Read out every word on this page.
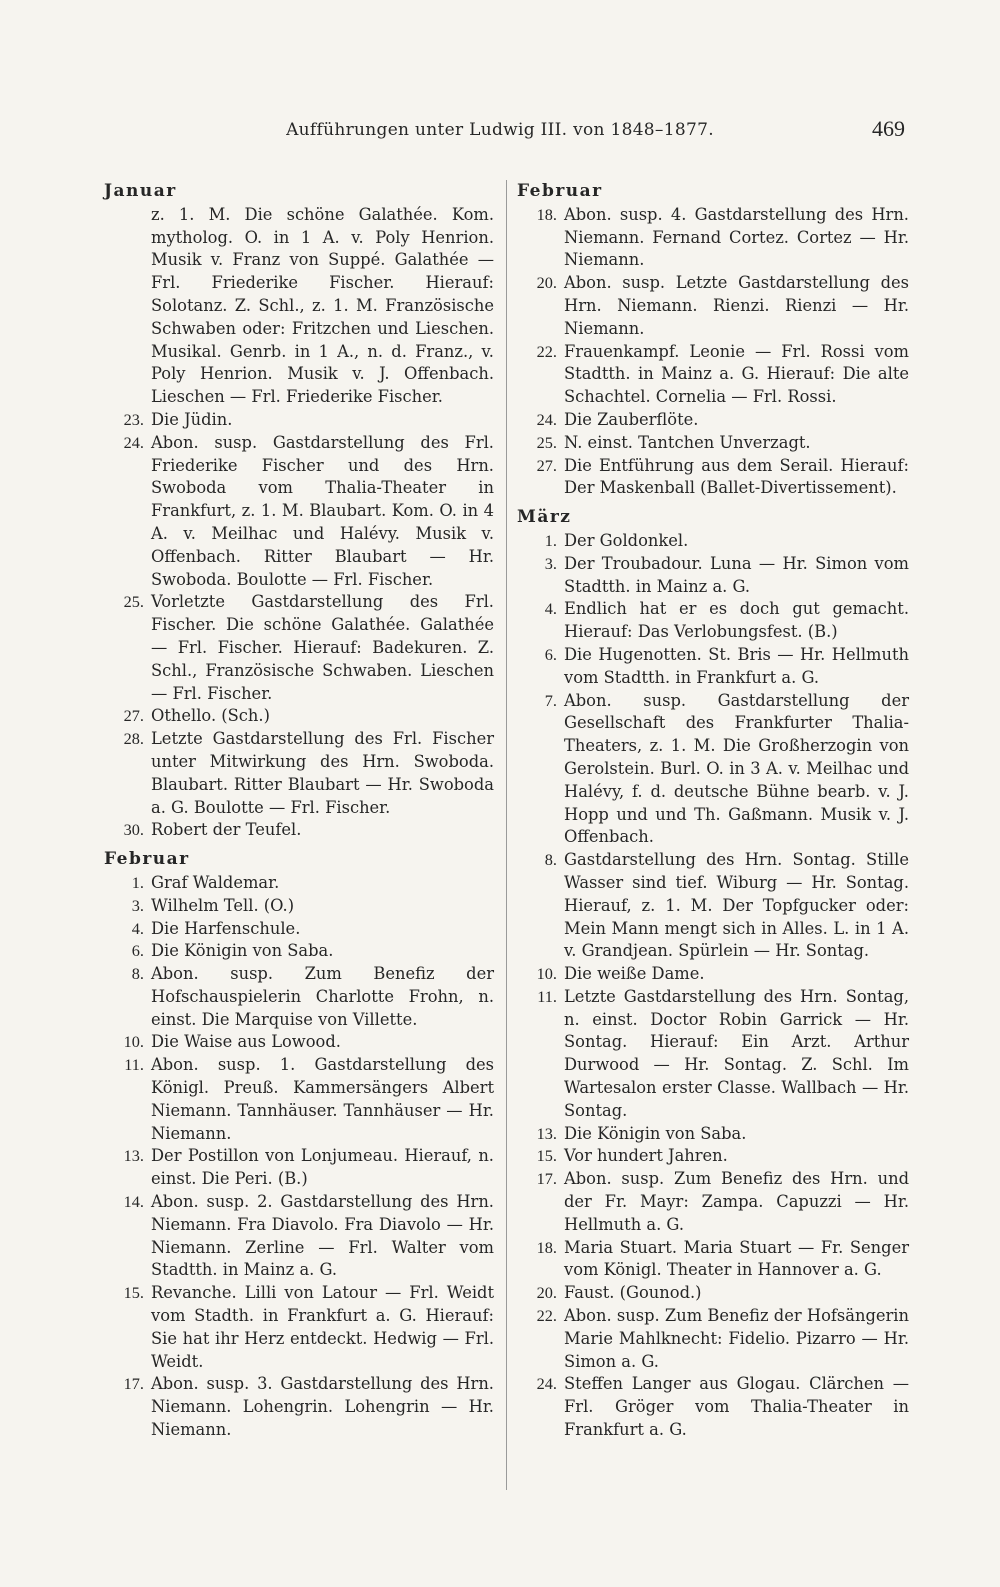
Aufführungen unter Ludwig III. von 1848–1877.	469
Januar
z. 1. M. Die schöne Galathée. Kom. mytholog. O. in 1 A. v. Poly Henrion. Musik v. Franz von Suppé. Galathée — Frl. Friederike Fischer. Hierauf: Solotanz. Z. Schl., z. 1. M. Französische Schwaben oder: Fritzchen und Lieschen. Musikal. Genrb. in 1 A., n. d. Franz., v. Poly Henrion. Musik v. J. Offenbach. Lieschen — Frl. Friederike Fischer.
23. Die Jüdin.
24. Abon. susp. Gastdarstellung des Frl. Friederike Fischer und des Hrn. Swoboda vom Thalia-Theater in Frankfurt, z. 1. M. Blaubart. Kom. O. in 4 A. v. Meilhac und Halévy. Musik v. Offenbach. Ritter Blaubart — Hr. Swoboda. Boulotte — Frl. Fischer.
25. Vorletzte Gastdarstellung des Frl. Fischer. Die schöne Galathée. Galathée — Frl. Fischer. Hierauf: Badekuren. Z. Schl., Französische Schwaben. Lieschen — Frl. Fischer.
27. Othello. (Sch.)
28. Letzte Gastdarstellung des Frl. Fischer unter Mitwirkung des Hrn. Swoboda. Blaubart. Ritter Blaubart — Hr. Swoboda a. G. Boulotte — Frl. Fischer.
30. Robert der Teufel.
Februar
1. Graf Waldemar.
3. Wilhelm Tell. (O.)
4. Die Harfenschule.
6. Die Königin von Saba.
8. Abon. susp. Zum Benefiz der Hofschauspielerin Charlotte Frohn, n. einst. Die Marquise von Villette.
10. Die Waise aus Lowood.
11. Abon. susp. 1. Gastdarstellung des Königl. Preuß. Kammersängers Albert Niemann. Tannhäuser. Tannhäuser — Hr. Niemann.
13. Der Postillon von Lonjumeau. Hierauf, n. einst. Die Peri. (B.)
14. Abon. susp. 2. Gastdarstellung des Hrn. Niemann. Fra Diavolo. Fra Diavolo — Hr. Niemann. Zerline — Frl. Walter vom Stadtth. in Mainz a. G.
15. Revanche. Lilli von Latour — Frl. Weidt vom Stadth. in Frankfurt a. G. Hierauf: Sie hat ihr Herz entdeckt. Hedwig — Frl. Weidt.
17. Abon. susp. 3. Gastdarstellung des Hrn. Niemann. Lohengrin. Lohengrin — Hr. Niemann.
Februar
18. Abon. susp. 4. Gastdarstellung des Hrn. Niemann. Fernand Cortez. Cortez — Hr. Niemann.
20. Abon. susp. Letzte Gastdarstellung des Hrn. Niemann. Rienzi. Rienzi — Hr. Niemann.
22. Frauenkampf. Leonie — Frl. Rossi vom Stadtth. in Mainz a. G. Hierauf: Die alte Schachtel. Cornelia — Frl. Rossi.
24. Die Zauberflöte.
25. N. einst. Tantchen Unverzagt.
27. Die Entführung aus dem Serail. Hierauf: Der Maskenball (Ballet-Divertissement).
März
1. Der Goldonkel.
3. Der Troubadour. Luna — Hr. Simon vom Stadtth. in Mainz a. G.
4. Endlich hat er es doch gut gemacht. Hierauf: Das Verlobungsfest. (B.)
6. Die Hugenotten. St. Bris — Hr. Hellmuth vom Stadtth. in Frankfurt a. G.
7. Abon. susp. Gastdarstellung der Gesellschaft des Frankfurter Thalia-Theaters, z. 1. M. Die Großherzogin von Gerolstein. Burl. O. in 3 A. v. Meilhac und Halévy, f. d. deutsche Bühne bearb. v. J. Hopp und und Th. Gaßmann. Musik v. J. Offenbach.
8. Gastdarstellung des Hrn. Sontag. Stille Wasser sind tief. Wiburg — Hr. Sontag. Hierauf, z. 1. M. Der Topfgucker oder: Mein Mann mengt sich in Alles. L. in 1 A. v. Grandjean. Spürlein — Hr. Sontag.
10. Die weiße Dame.
11. Letzte Gastdarstellung des Hrn. Sontag, n. einst. Doctor Robin Garrick — Hr. Sontag. Hierauf: Ein Arzt. Arthur Durwood — Hr. Sontag. Z. Schl. Im Wartesalon erster Classe. Wallbach — Hr. Sontag.
13. Die Königin von Saba.
15. Vor hundert Jahren.
17. Abon. susp. Zum Benefiz des Hrn. und der Fr. Mayr: Zampa. Capuzzi — Hr. Hellmuth a. G.
18. Maria Stuart. Maria Stuart — Fr. Senger vom Königl. Theater in Hannover a. G.
20. Faust. (Gounod.)
22. Abon. susp. Zum Benefiz der Hofsängerin Marie Mahlknecht: Fidelio. Pizarro — Hr. Simon a. G.
24. Steffen Langer aus Glogau. Clärchen — Frl. Gröger vom Thalia-Theater in Frankfurt a. G.
